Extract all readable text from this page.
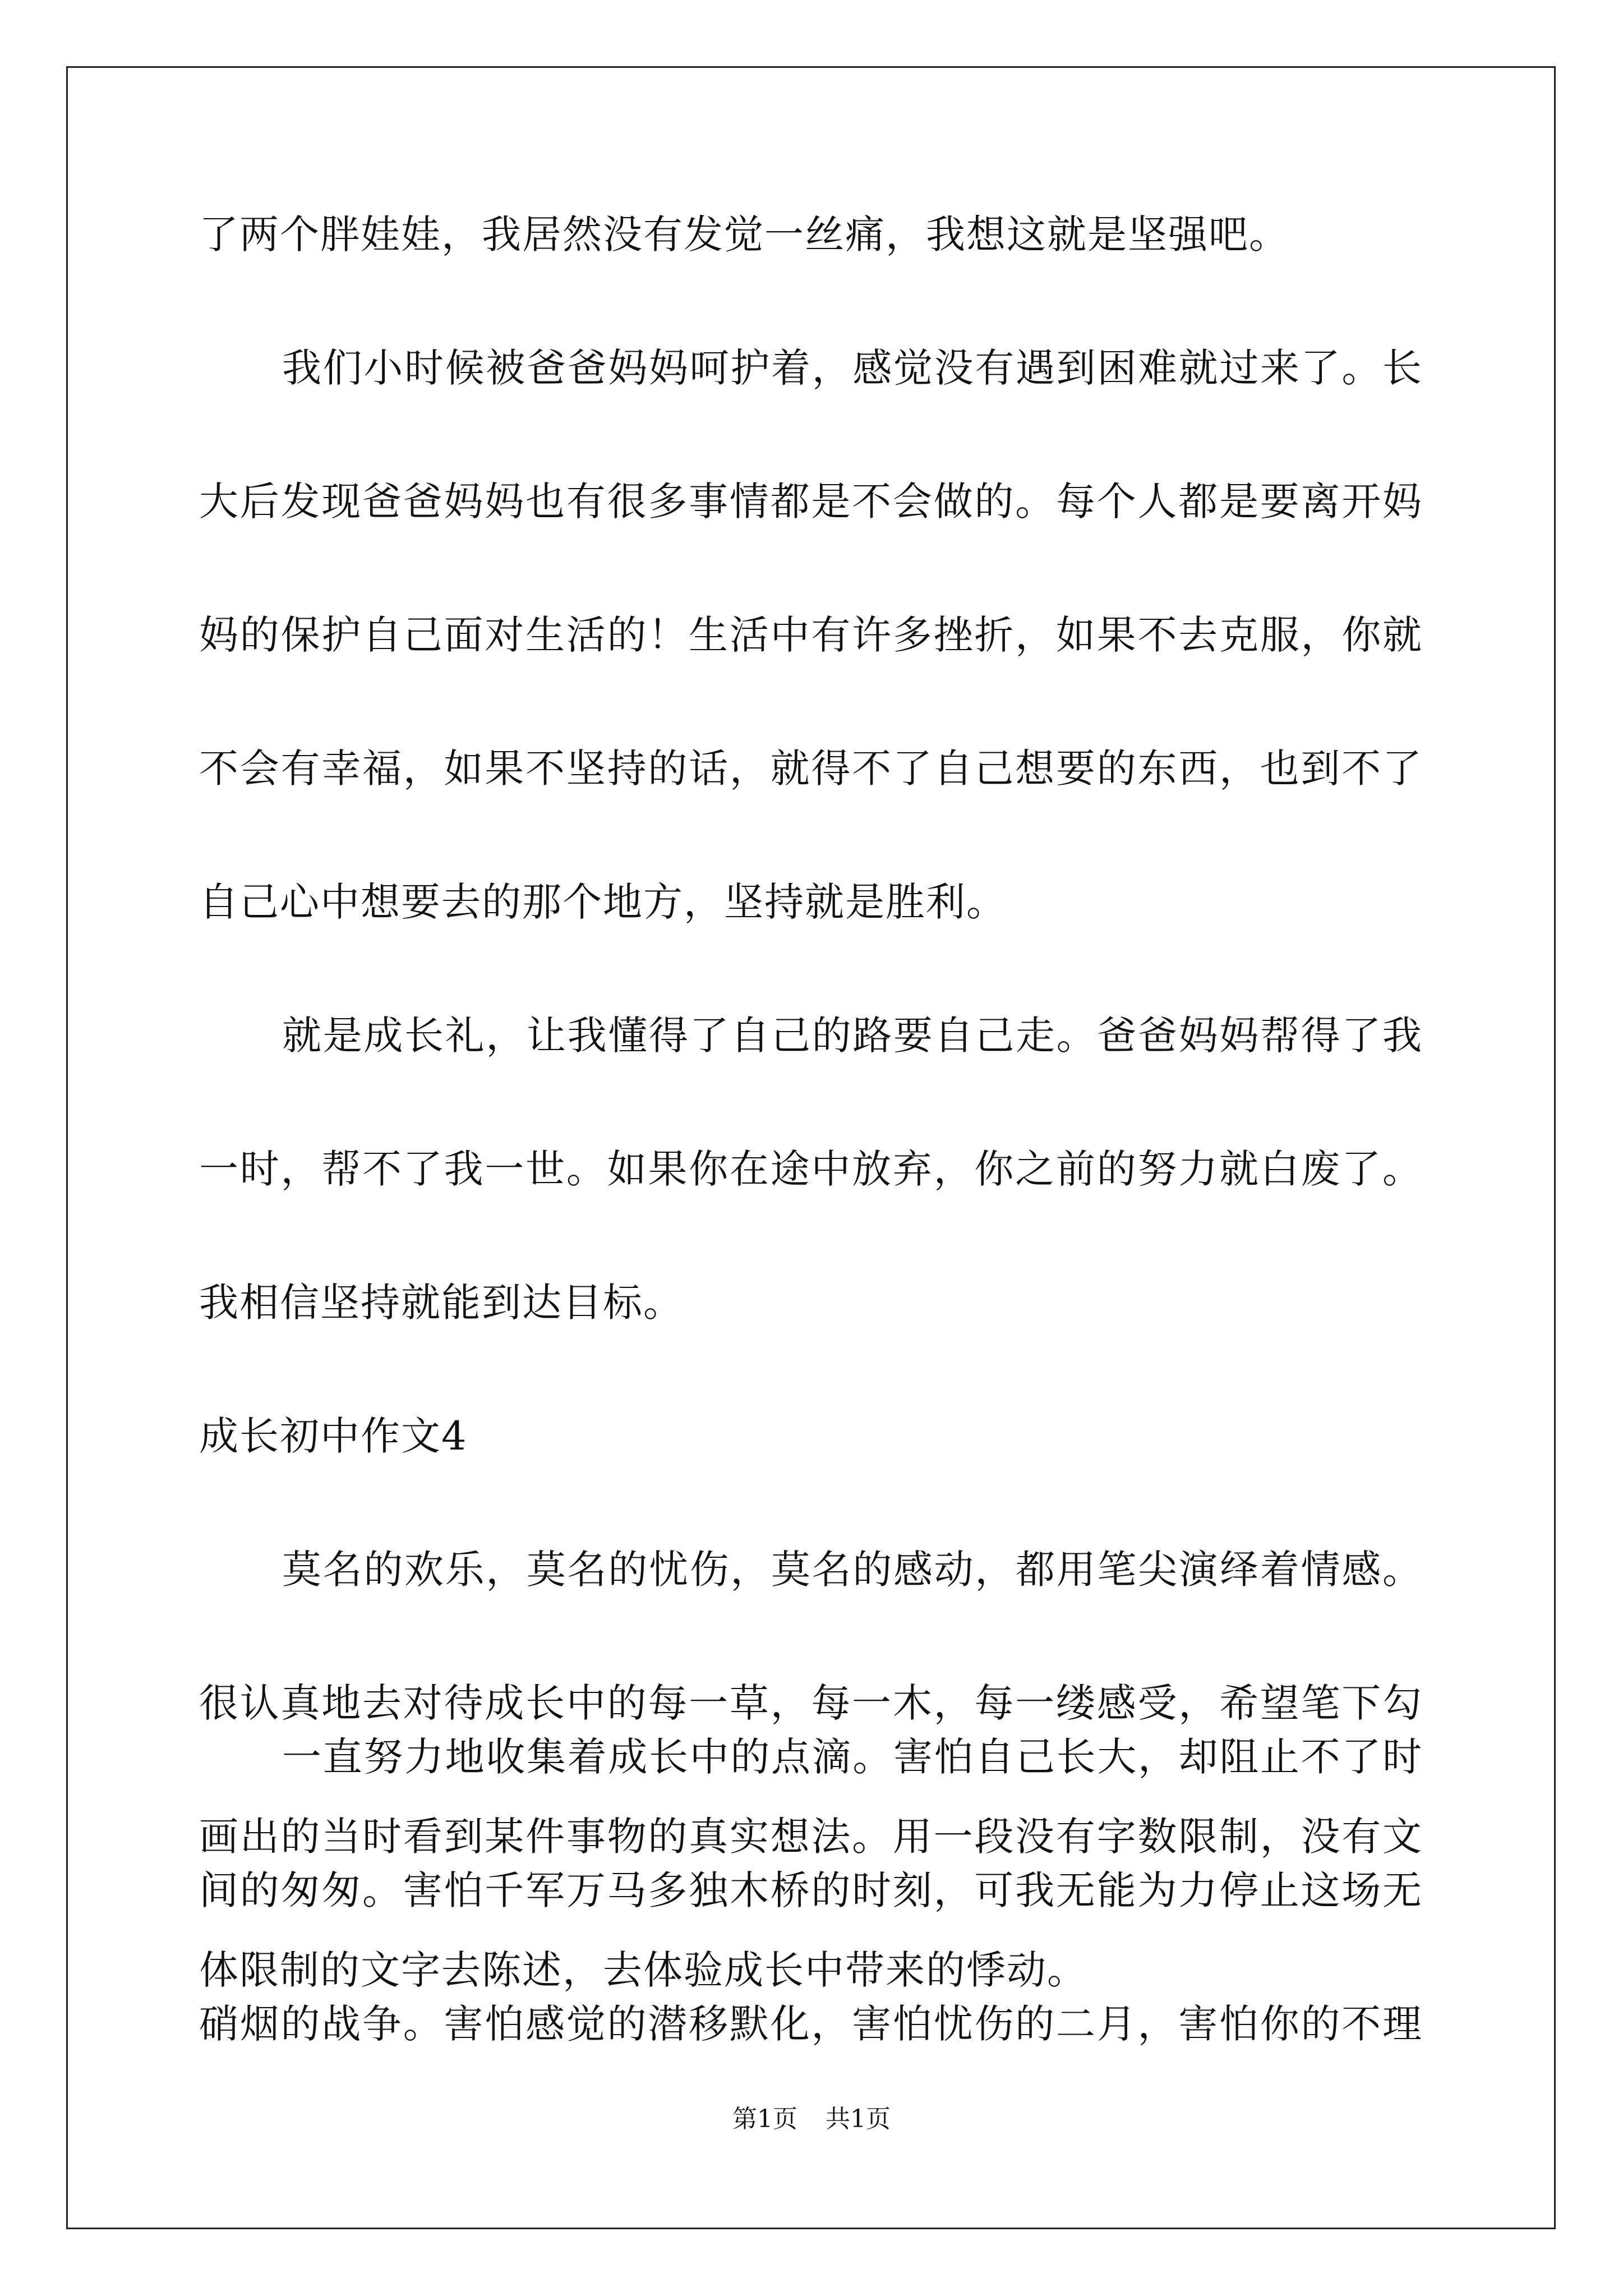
了两个胖娃娃，我居然没有发觉一丝痛，我想这就是坚强吧。
我们小时候被爸爸妈妈呵护着，感觉没有遇到困难就过来了。长
大后发现爸爸妈妈也有很多事情都是不会做的。每个人都是要离开妈
妈的保护自己面对生活的！生活中有许多挫折，如果不去克服，你就
不会有幸福，如果不坚持的话，就得不了自己想要的东西，也到不了
自己心中想要去的那个地方，坚持就是胜利。
就是成长礼，让我懂得了自己的路要自己走。爸爸妈妈帮得了我
一时，帮不了我一世。如果你在途中放弃，你之前的努力就白废了。
我相信坚持就能到达目标。
成长初中作文4
莫名的欢乐，莫名的忧伤，莫名的感动，都用笔尖演绎着情感。
很认真地去对待成长中的每一草，每一木，每一缕感受，希望笔下勾
画出的当时看到某件事物的真实想法。用一段没有字数限制，没有文
体限制的文字去陈述，去体验成长中带来的悸动。
一直努力地收集着成长中的点滴。害怕自己长大，却阻止不了时
间的匆匆。害怕千军万马多独木桥的时刻，可我无能为力停止这场无
硝烟的战争。害怕感觉的潜移默化，害怕忧伤的二月，害怕你的不理
第1页 共1页
